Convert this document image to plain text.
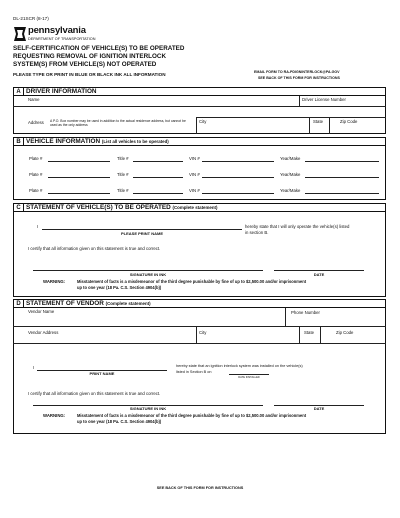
DL-21SCR (8-17)
pennsylvania
DEPARTMENT OF TRANSPORTATION
SELF-CERTIFICATION OF VEHICLE(S) TO BE OPERATED
REQUESTING REMOVAL OF IGNITION INTERLOCK
SYSTEM(S) FROM VEHICLE(S) NOT OPERATED
PLEASE TYPE OR PRINT IN BLUE OR BLACK INK ALL INFORMATION	EMAIL FORM TO RA-PDIGNINTERLOCK@PA.GOV
SEE BACK OF THIS FORM FOR INSTRUCTIONS
A DRIVER INFORMATION
Name	Driver License Number
Address A P.O. Box number may be used in addition to the actual residence address, but cannot be used as the only address
City	State	Zip Code
B VEHICLE INFORMATION (List all vehicles to be operated)
Plate #	Title #	VIN #	Year/Make
Plate #	Title #	VIN #	Year/Make
Plate #	Title #	VIN #	Year/Make
C STATEMENT OF VEHICLE(S) TO BE OPERATED (Complete statement)
I	hereby state that I will only operate the vehicle(s) listed
in section B.
PLEASE PRINT NAME
I certify that all information given on this statement is true and correct.
SIGNATURE IN INK	DATE
WARNING:	Misstatement of facts is a misdemeanor of the third degree punishable by fine of up to $2,500.00 and/or imprisonment
up to one year (18 Pa. C.S. Section 4904(b))
D STATEMENT OF VENDOR (Complete statement)
Vendor Name	Phone Number
Vendor Address	City	State	Zip Code
I	hereby state that an ignition interlock system was installed on the vehicle(s)
listed in Section B on
PRINT NAME
DATE INSTALLED
I certify that all information given on this statement is true and correct.
SIGNATURE IN INK	DATE
WARNING:	Misstatement of facts is a misdemeanor of the third degree punishable by fine of up to $2,500.00 and/or imprisonment
up to one year (18 Pa. C.S. Section 4904(b))
SEE BACK OF THIS FORM FOR INSTRUCTIONS
